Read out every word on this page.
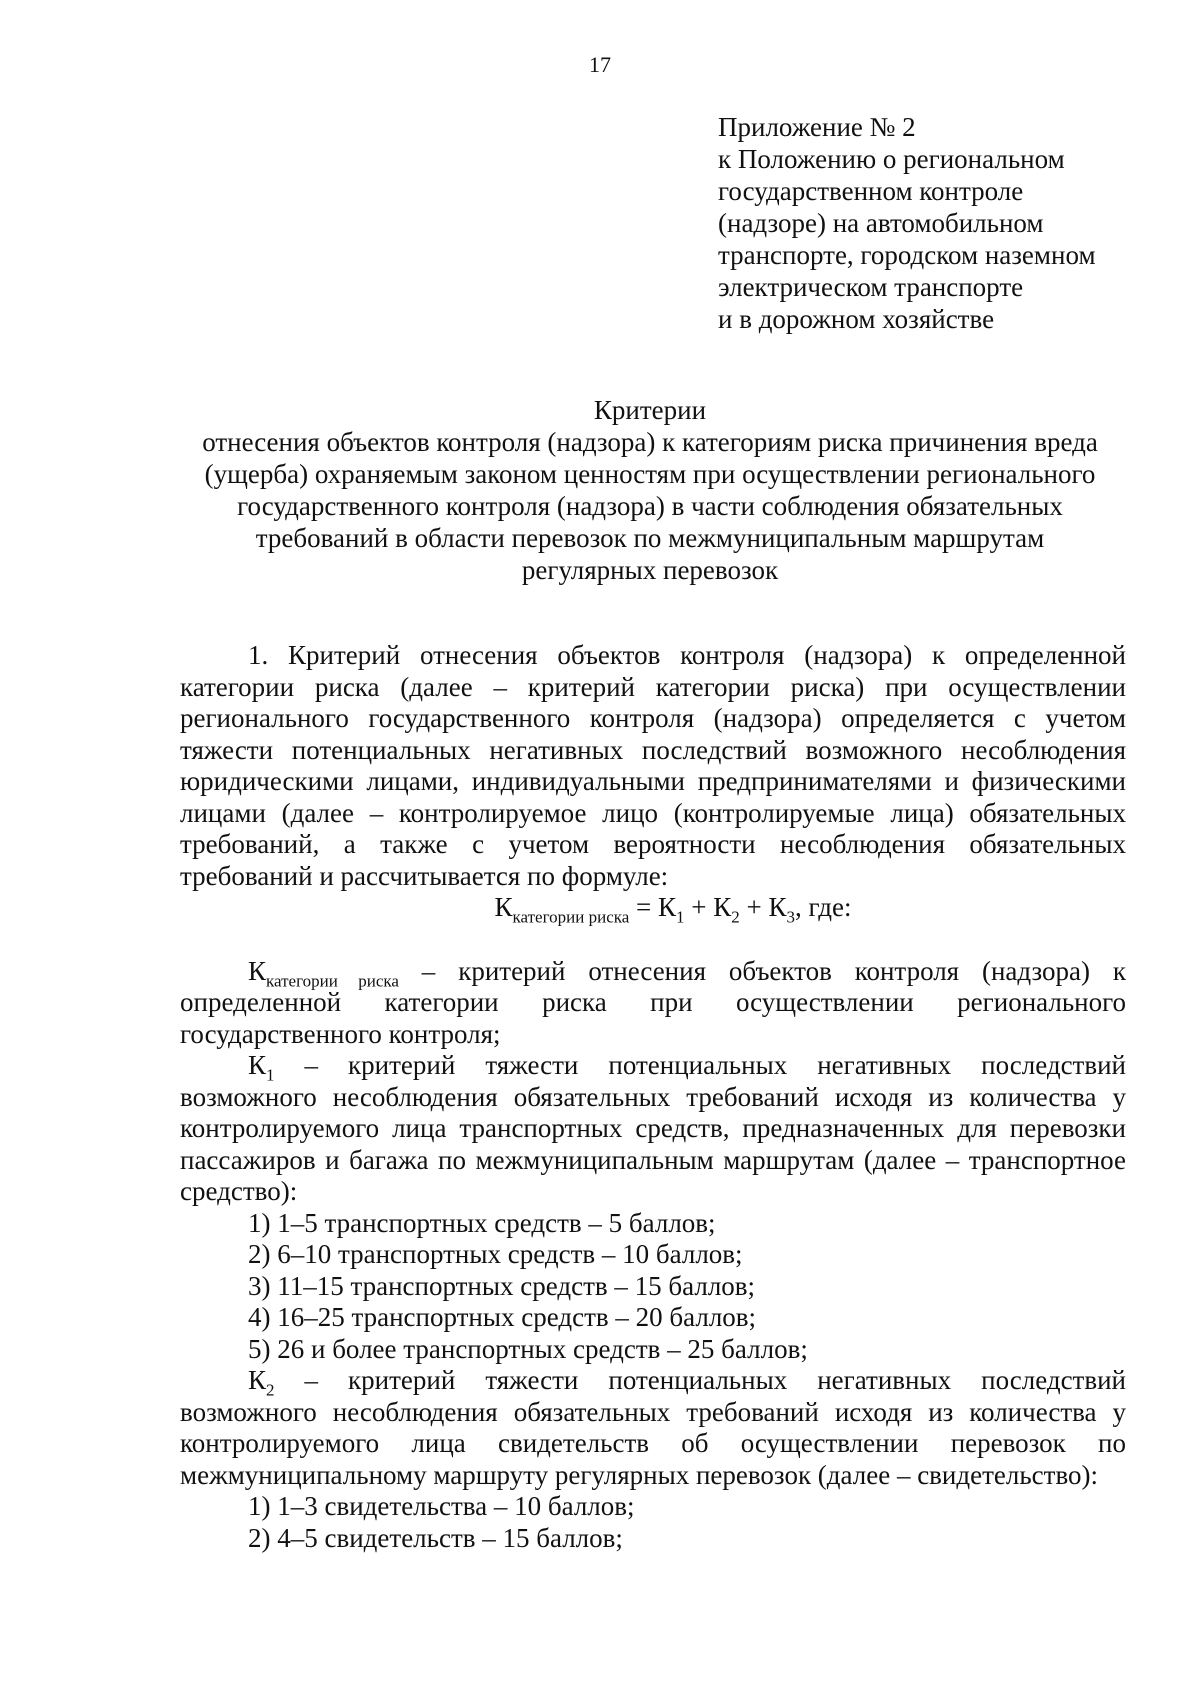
17
Приложение № 2
к Положению о региональном
государственном контроле
(надзоре) на автомобильном
транспорте, городском наземном
электрическом транспорте
и в дорожном хозяйстве
Критерии
отнесения объектов контроля (надзора) к категориям риска причинения вреда
(ущерба) охраняемым законом ценностям при осуществлении регионального
государственного контроля (надзора) в части соблюдения обязательных
требований в области перевозок по межмуниципальным маршрутам
регулярных перевозок
1. Критерий отнесения объектов контроля (надзора) к определенной категории риска (далее – критерий категории риска) при осуществлении регионального государственного контроля (надзора) определяется с учетом тяжести потенциальных негативных последствий возможного несоблюдения юридическими лицами, индивидуальными предпринимателями и физическими лицами (далее – контролируемое лицо (контролируемые лица) обязательных требований, а также с учетом вероятности несоблюдения обязательных требований и рассчитывается по формуле:
$К_{категории риска} = К_1 + К_2 + К_3$, где:
$К_{категории риска}$ – критерий отнесения объектов контроля (надзора) к определенной категории риска при осуществлении регионального государственного контроля;
$К_1$ – критерий тяжести потенциальных негативных последствий возможного несоблюдения обязательных требований исходя из количества у контролируемого лица транспортных средств, предназначенных для перевозки пассажиров и багажа по межмуниципальным маршрутам (далее – транспортное средство):
1) 1–5 транспортных средств – 5 баллов;
2) 6–10 транспортных средств – 10 баллов;
3) 11–15 транспортных средств – 15 баллов;
4) 16–25 транспортных средств – 20 баллов;
5) 26 и более транспортных средств – 25 баллов;
$К_2$ – критерий тяжести потенциальных негативных последствий возможного несоблюдения обязательных требований исходя из количества у контролируемого лица свидетельств об осуществлении перевозок по межмуниципальному маршруту регулярных перевозок (далее – свидетельство):
1) 1–3 свидетельства – 10 баллов;
2) 4–5 свидетельств – 15 баллов;
